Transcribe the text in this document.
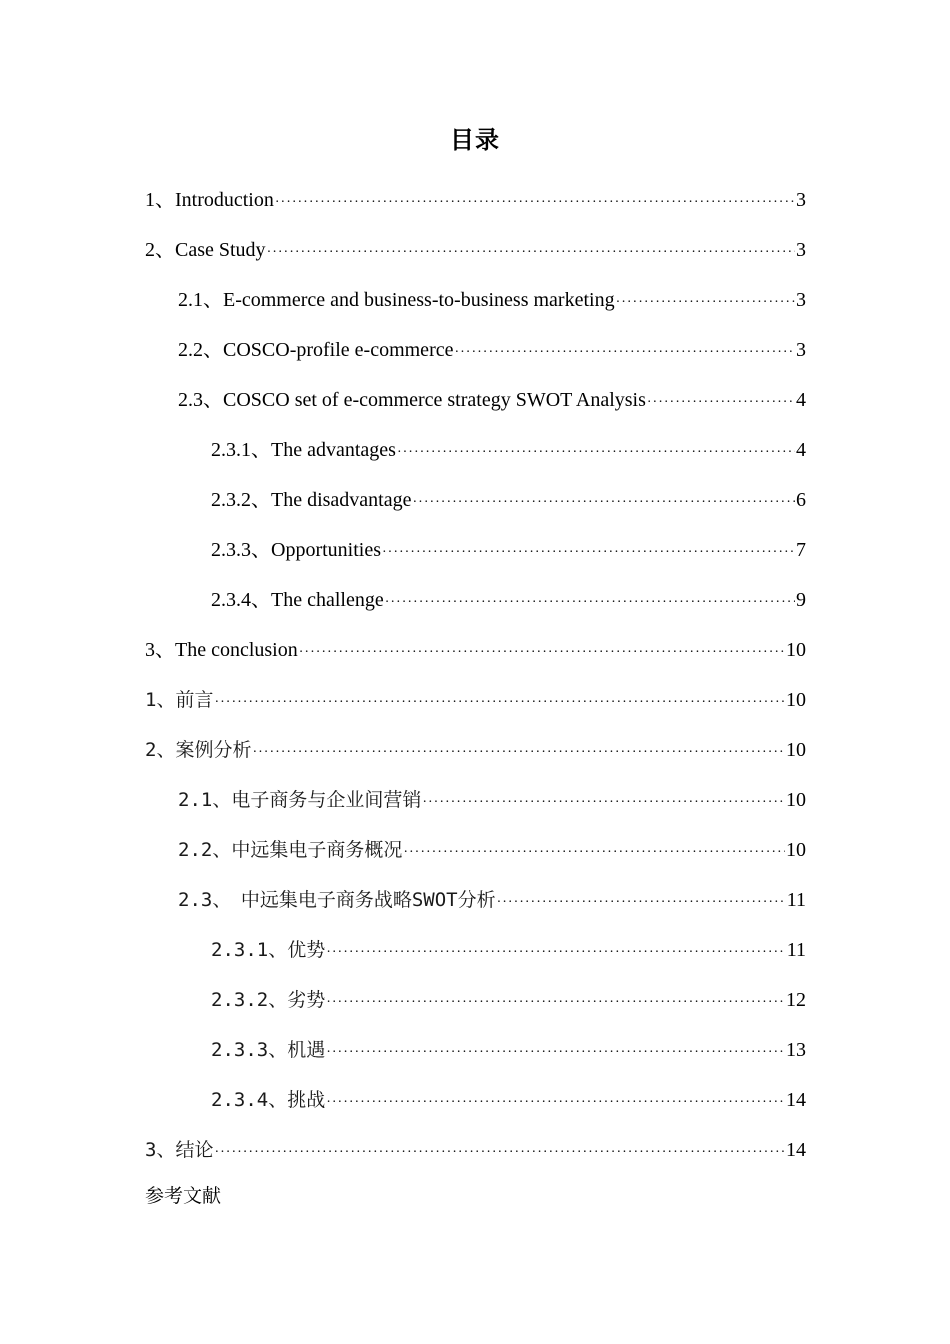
目录
1、Introduction ·····	3
2、Case Study ·····	3
2.1、E-commerce and business-to-business marketing ·····	3
2.2、COSCO-profile e-commerce ·····	3
2.3、COSCO set of e-commerce strategy SWOT Analysis ·····	4
2.3.1、The advantages ·····	4
2.3.2、The disadvantage ·····	6
2.3.3、Opportunities ·····	7
2.3.4、The challenge ·····	9
3、The conclusion ·····	10
1、前言 ·····	10
2、案例分析 ·····	10
2.1、电子商务与企业间营销 ·····	10
2.2、中远集电子商务概况 ·····	10
2.3、　中远集电子商务战略SWOT分析 ·····	11
2.3.1、优势 ·····	11
2.3.2、劣势 ·····	12
2.3.3、机遇 ·····	13
2.3.4、挑战 ·····	14
3、结论 ·····	14
参考文献
